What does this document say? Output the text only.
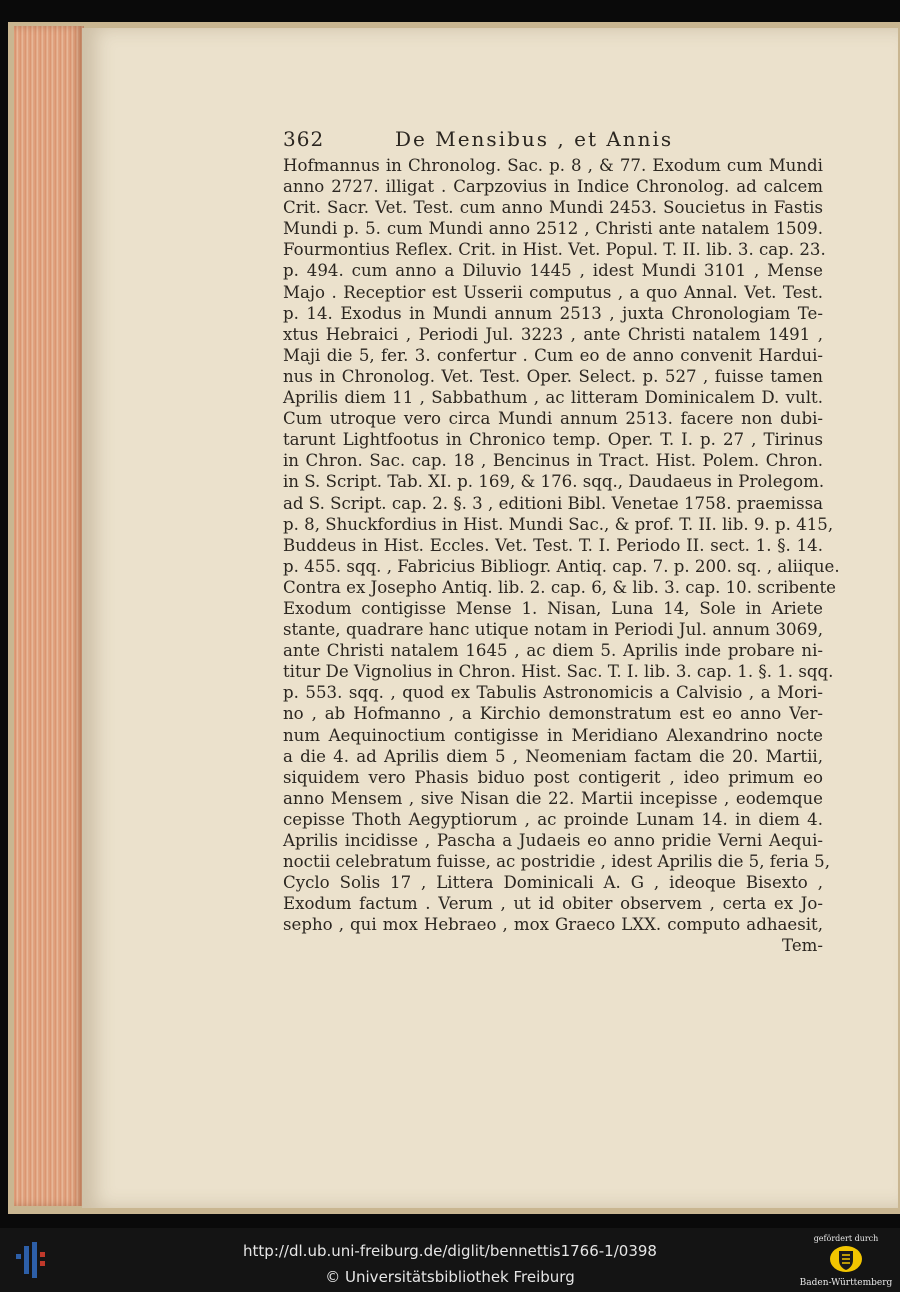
362	De Mensibus , et Annis
Hofmannus in Chronolog. Sac. p. 8 , & 77. Exodum cum Mundi
anno 2727. illigat . Carpzovius in Indice Chronolog. ad calcem
Crit. Sacr. Vet. Test. cum anno Mundi 2453. Soucietus in Fastis
Mundi p. 5. cum Mundi anno 2512 , Christi ante natalem 1509.
Fourmontius Reflex. Crit. in Hist. Vet. Popul. T. II. lib. 3. cap. 23.
p. 494. cum anno a Diluvio 1445 , idest Mundi 3101 , Mense
Majo . Receptior est Usserii computus , a quo Annal. Vet. Test.
p. 14. Exodus in Mundi annum 2513 , juxta Chronologiam Te-
xtus Hebraici , Periodi Jul. 3223 , ante Christi natalem 1491 ,
Maji die 5, fer. 3. confertur . Cum eo de anno convenit Hardui-
nus in Chronolog. Vet. Test. Oper. Select. p. 527 , fuisse tamen
Aprilis diem 11 , Sabbathum , ac litteram Dominicalem D. vult.
Cum utroque vero circa Mundi annum 2513. facere non dubi-
tarunt Lightfootus in Chronico temp. Oper. T. I. p. 27 , Tirinus
in Chron. Sac. cap. 18 , Bencinus in Tract. Hist. Polem. Chron.
in S. Script. Tab. XI. p. 169, & 176. sqq., Daudaeus in Prolegom.
ad S. Script. cap. 2. §. 3 , editioni Bibl. Venetae 1758. praemissa
p. 8, Shuckfordius in Hist. Mundi Sac., & prof. T. II. lib. 9. p. 415,
Buddeus in Hist. Eccles. Vet. Test. T. I. Periodo II. sect. 1. §. 14.
p. 455. sqq. , Fabricius Bibliogr. Antiq. cap. 7. p. 200. sq. , aliique.
Contra ex Josepho Antiq. lib. 2. cap. 6, & lib. 3. cap. 10. scribente
Exodum contigisse Mense 1. Nisan, Luna 14, Sole in Ariete
stante, quadrare hanc utique notam in Periodi Jul. annum 3069,
ante Christi natalem 1645 , ac diem 5. Aprilis inde probare ni-
titur De Vignolius in Chron. Hist. Sac. T. I. lib. 3. cap. 1. §. 1. sqq.
p. 553. sqq. , quod ex Tabulis Astronomicis a Calvisio , a Mori-
no , ab Hofmanno , a Kirchio demonstratum est eo anno Ver-
num Aequinoctium contigisse in Meridiano Alexandrino nocte
a die 4. ad Aprilis diem 5 , Neomeniam factam die 20. Martii,
siquidem vero Phasis biduo post contigerit , ideo primum eo
anno Mensem , sive Nisan die 22. Martii incepisse , eodemque
cepisse Thoth Aegyptiorum , ac proinde Lunam 14. in diem 4.
Aprilis incidisse , Pascha a Judaeis eo anno pridie Verni Aequi-
noctii celebratum fuisse, ac postridie , idest Aprilis die 5, feria 5,
Cyclo Solis 17 , Littera Dominicali A. G , ideoque Bisexto ,
Exodum factum . Verum , ut id obiter observem , certa ex Jo-
sepho , qui mox Hebraeo , mox Graeco LXX. computo adhaesit,
Tem-
http://dl.ub.uni-freiburg.de/diglit/bennettis1766-1/0398
© Universitätsbibliothek Freiburg
gefördert durch
Baden-Württemberg
